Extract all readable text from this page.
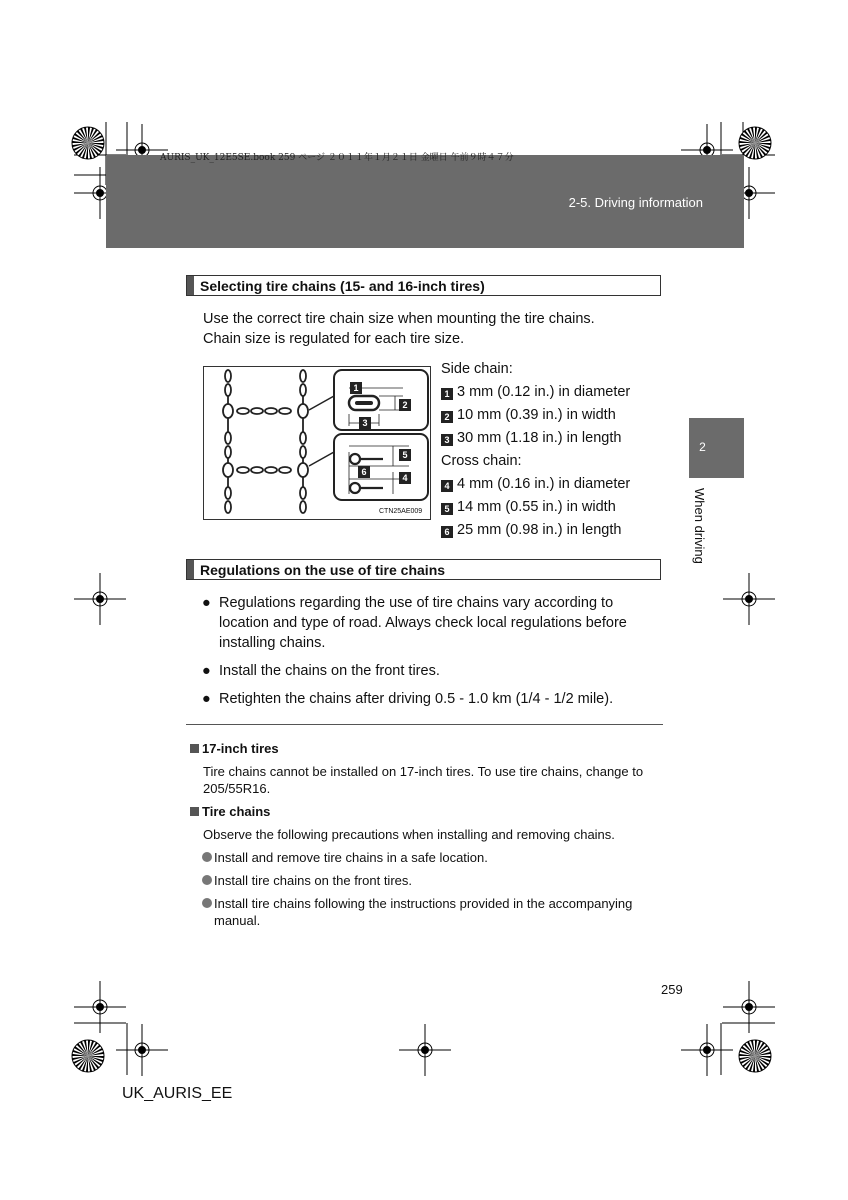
AURIS_UK_12E5SE.book 259 ページ ２０１１年１月２１日 金曜日 午前９時４７分
2-5. Driving information
2
When driving
Selecting tire chains (15- and 16-inch tires)
Use the correct tire chain size when mounting the tire chains.
Chain size is regulated for each tire size.
1
2
3
5
6
4
CTN25AE009
Side chain:
1 3 mm (0.12 in.) in diameter
2 10 mm (0.39 in.) in width
3 30 mm (1.18 in.) in length
Cross chain:
4 4 mm (0.16 in.) in diameter
5 14 mm (0.55 in.) in width
6 25 mm (0.98 in.) in length
Regulations on the use of tire chains
● Regulations regarding the use of tire chains vary according to location and type of road. Always check local regulations before installing chains.
● Install the chains on the front tires.
● Retighten the chains after driving 0.5 - 1.0 km (1/4 - 1/2 mile).
17-inch tires
Tire chains cannot be installed on 17-inch tires. To use tire chains, change to 205/55R16.
Tire chains
Observe the following precautions when installing and removing chains.
Install and remove tire chains in a safe location.
Install tire chains on the front tires.
Install tire chains following the instructions provided in the accompanying manual.
259
UK_AURIS_EE
